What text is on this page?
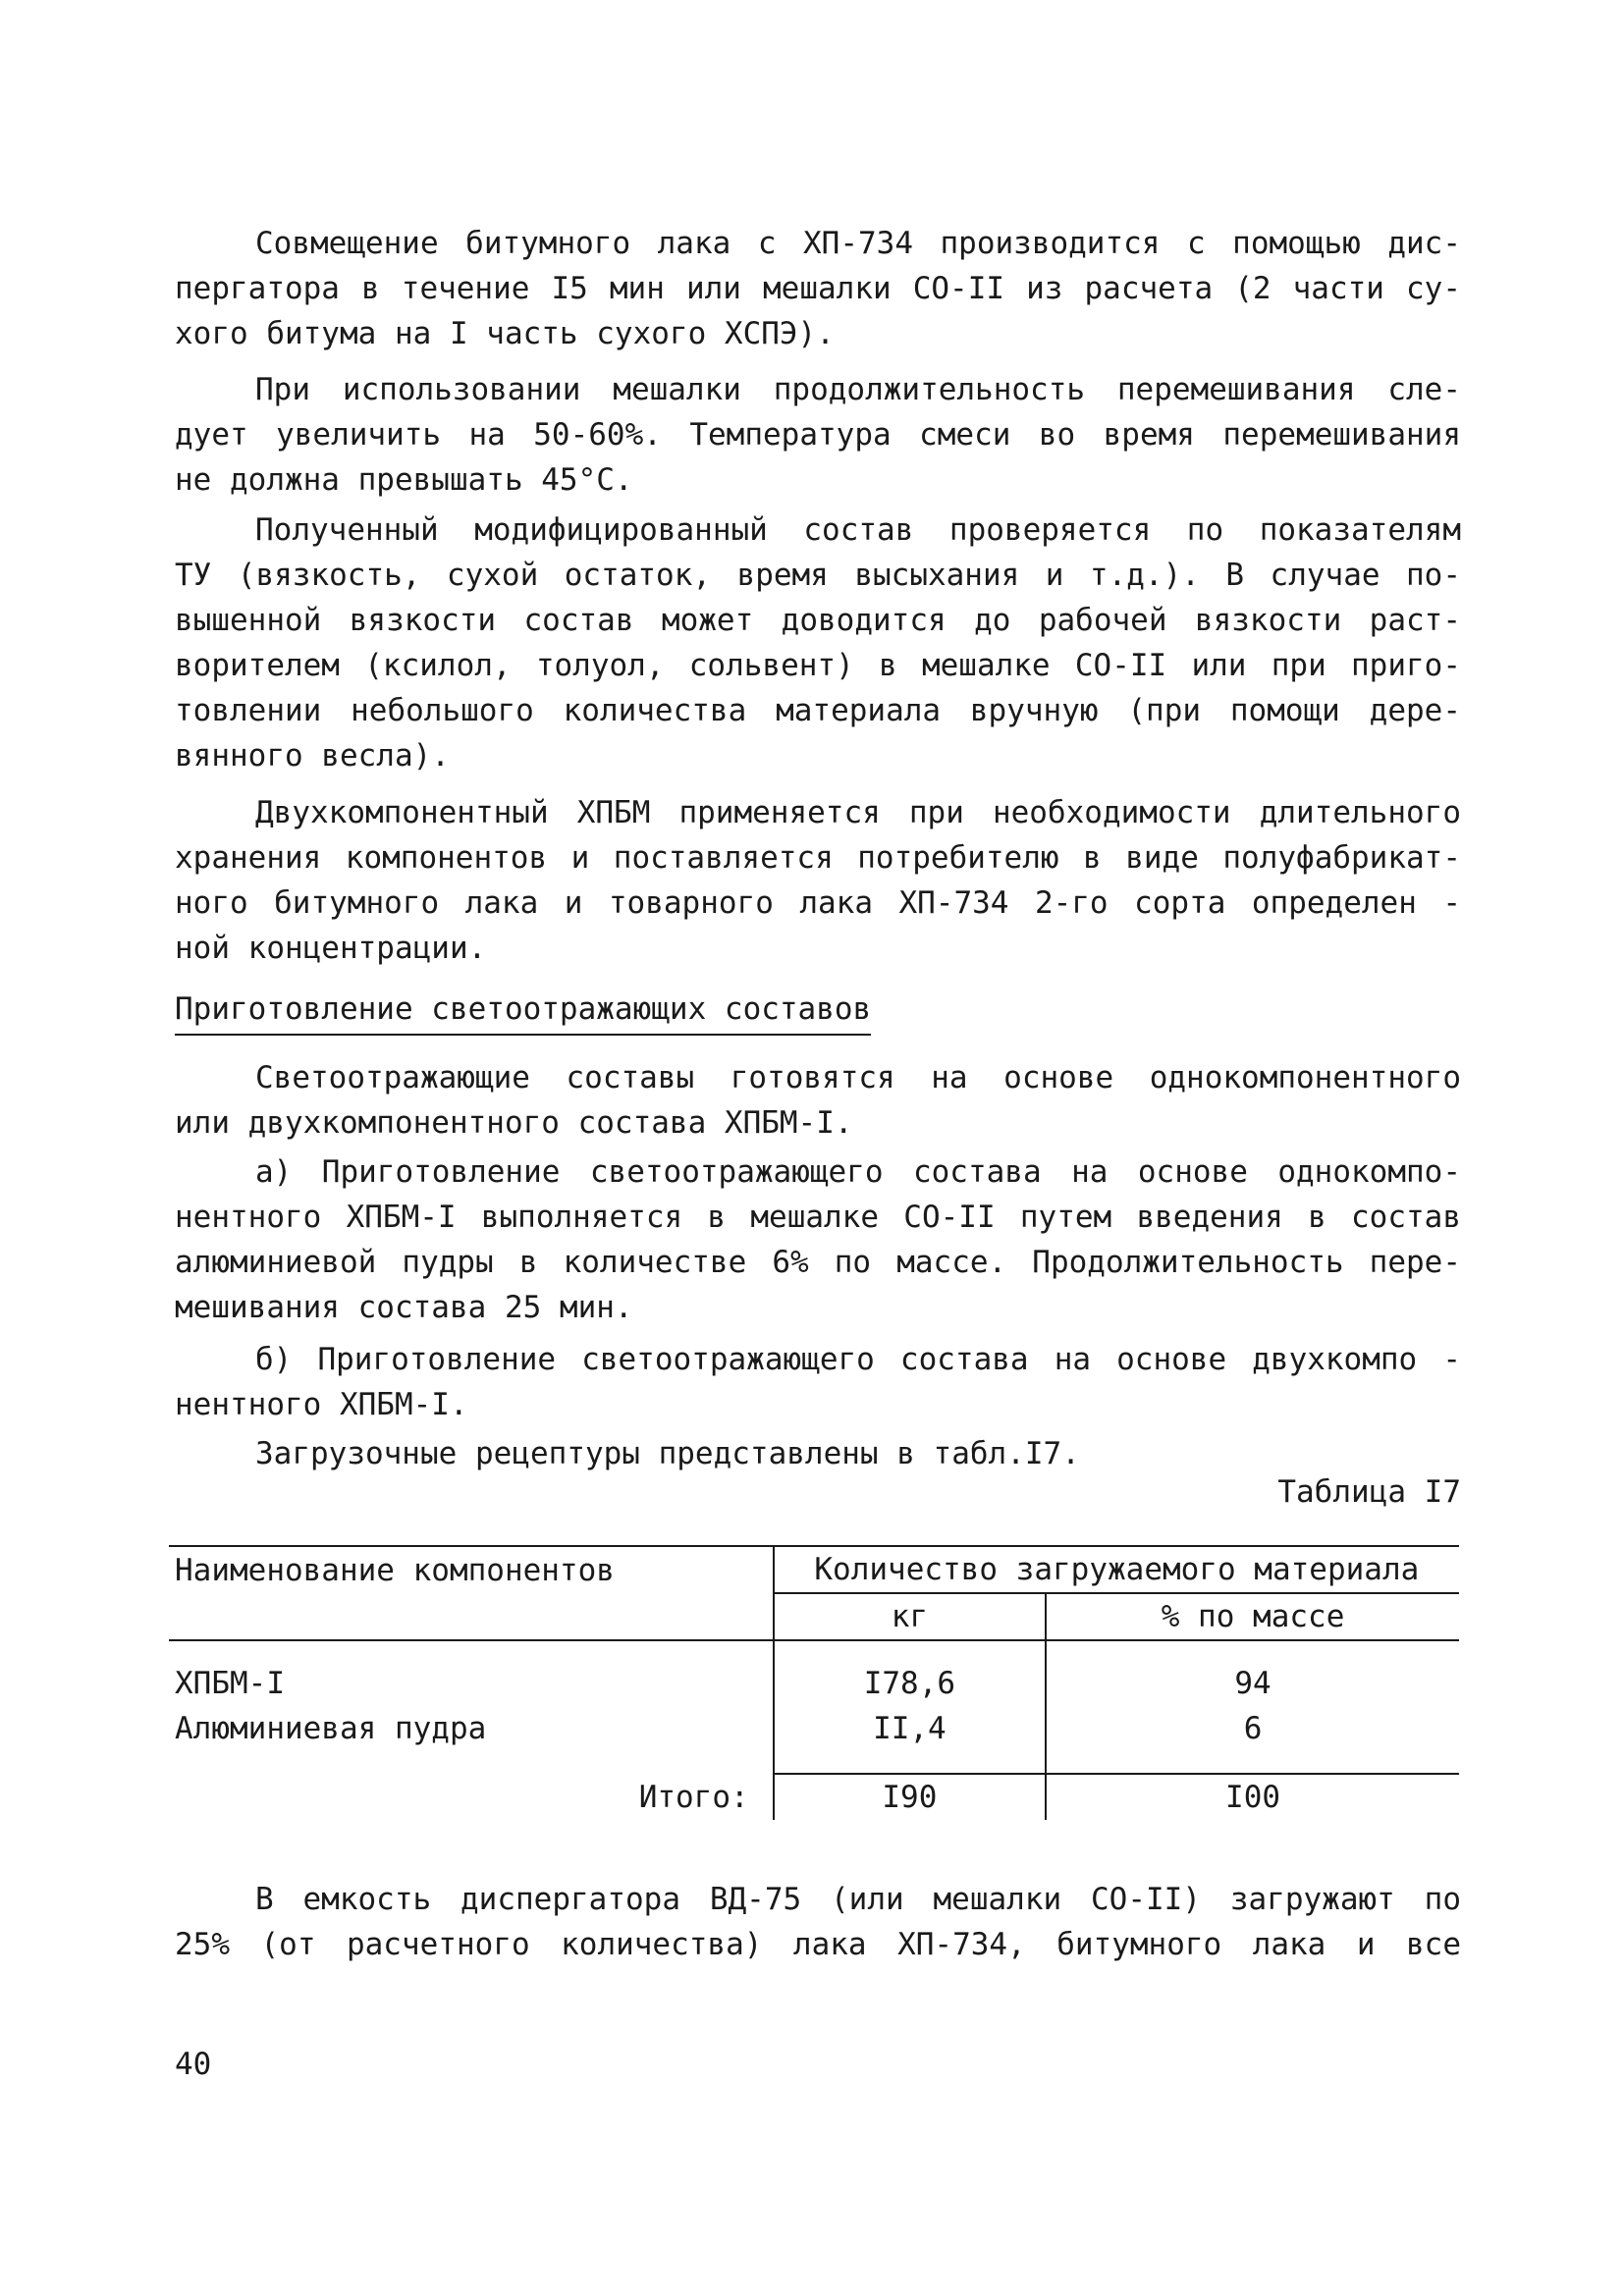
Совмещение битумного лака с ХП-734 производится с помощью дис-
пергатора в течение I5 мин или мешалки СО-II из расчета (2 части су-
хого битума на I часть сухого ХСПЭ).
При использовании мешалки продолжительность перемешивания сле-
дует увеличить на 50-60%. Температура смеси во время перемешивания
не должна превышать 45°С.
Полученный модифицированный состав проверяется по показателям
ТУ (вязкость, сухой остаток, время высыхания и т.д.). В случае по-
вышенной вязкости состав может доводится до рабочей вязкости раст-
ворителем (ксилол, толуол, сольвент) в мешалке СО-II или при приго-
товлении небольшого количества материала вручную (при помощи дере-
вянного весла).
Двухкомпонентный ХПБМ применяется при необходимости длительного
хранения компонентов и поставляется потребителю в виде полуфабрикат-
ного битумного лака и товарного лака ХП-734 2-го сорта определен -
ной концентрации.
Приготовление светоотражающих составов
Светоотражающие составы готовятся на основе однокомпонентного
или двухкомпонентного состава ХПБМ-I.
а) Приготовление светоотражающего состава на основе однокомпо-
нентного ХПБМ-I выполняется в мешалке СО-II путем введения в состав
алюминиевой пудры в количестве 6% по массе. Продолжительность пере-
мешивания состава 25 мин.
б) Приготовление светоотражающего состава на основе двухкомпо -
нентного ХПБМ-I.
Загрузочные рецептуры представлены в табл.I7.
Таблица I7
Наименование компонентов	Количество загружаемого материала	
	кг	% по массе

ХПБМ-I	I78,6	94
Алюминиевая пудра	II,4	6

Итого:	I90	I00
В емкость диспергатора ВД-75 (или мешалки СО-II) загружают по
25% (от расчетного количества) лака ХП-734, битумного лака и все
40
